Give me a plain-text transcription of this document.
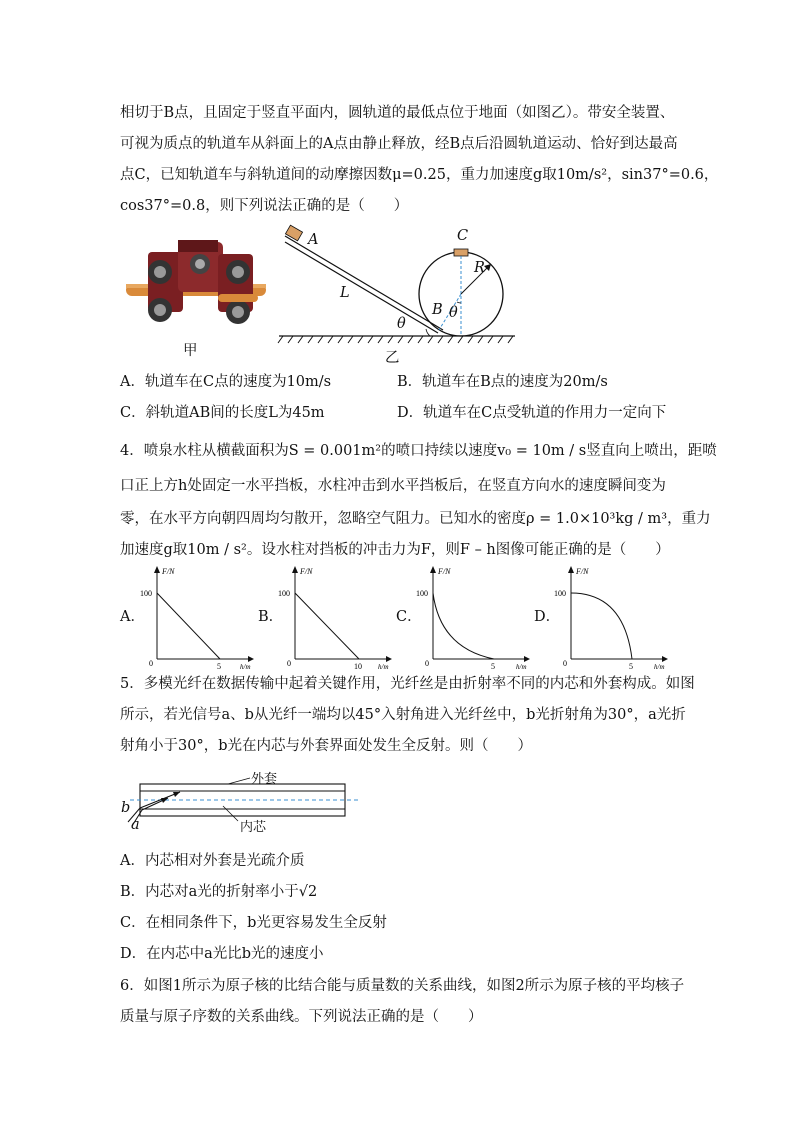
相切于B点，且固定于竖直平面内，圆轨道的最低点位于地面（如图乙）。带安全装置、
可视为质点的轨道车从斜面上的A点由静止释放，经B点后沿圆轨道运动、恰好到达最高
点C，已知轨道车与斜轨道间的动摩擦因数μ=0.25，重力加速度g取10m/s²，sin37°=0.6，
cos37°=0.8，则下列说法正确的是（　　）
甲
A	C
R
L
B θ
θ
乙
A．轨道车在C点的速度为10m/s	B．轨道车在B点的速度为20m/s
C．斜轨道AB间的长度L为45m	D．轨道车在C点受轨道的作用力一定向下
4．喷泉水柱从横截面积为S = 0.001m²的喷口持续以速度v₀ = 10m / s竖直向上喷出，距喷
口正上方h处固定一水平挡板，水柱冲击到水平挡板后，在竖直方向水的速度瞬间变为
零，在水平方向朝四周均匀散开，忽略空气阻力。已知水的密度ρ = 1.0×10³kg / m³，重力
加速度g取10m / s²。设水柱对挡板的冲击力为F，则F – h图像可能正确的是（　　）
A．	B．	C．	D．
F/N
100
0	5	h/m
F/N
100
0	10 h/m
F/N
100
0	5	h/m
F/N
100
0	5	h/m
5．多模光纤在数据传输中起着关键作用，光纤丝是由折射率不同的内芯和外套构成。如图
所示，若光信号a、b从光纤一端均以45°入射角进入光纤丝中，b光折射角为30°，a光折
射角小于30°，b光在内芯与外套界面处发生全反射。则（　　）
外套
内芯
b
a
A．内芯相对外套是光疏介质
B．内芯对a光的折射率小于√2
C．在相同条件下，b光更容易发生全反射
D．在内芯中a光比b光的速度小
6．如图1所示为原子核的比结合能与质量数的关系曲线，如图2所示为原子核的平均核子
质量与原子序数的关系曲线。下列说法正确的是（　　）
